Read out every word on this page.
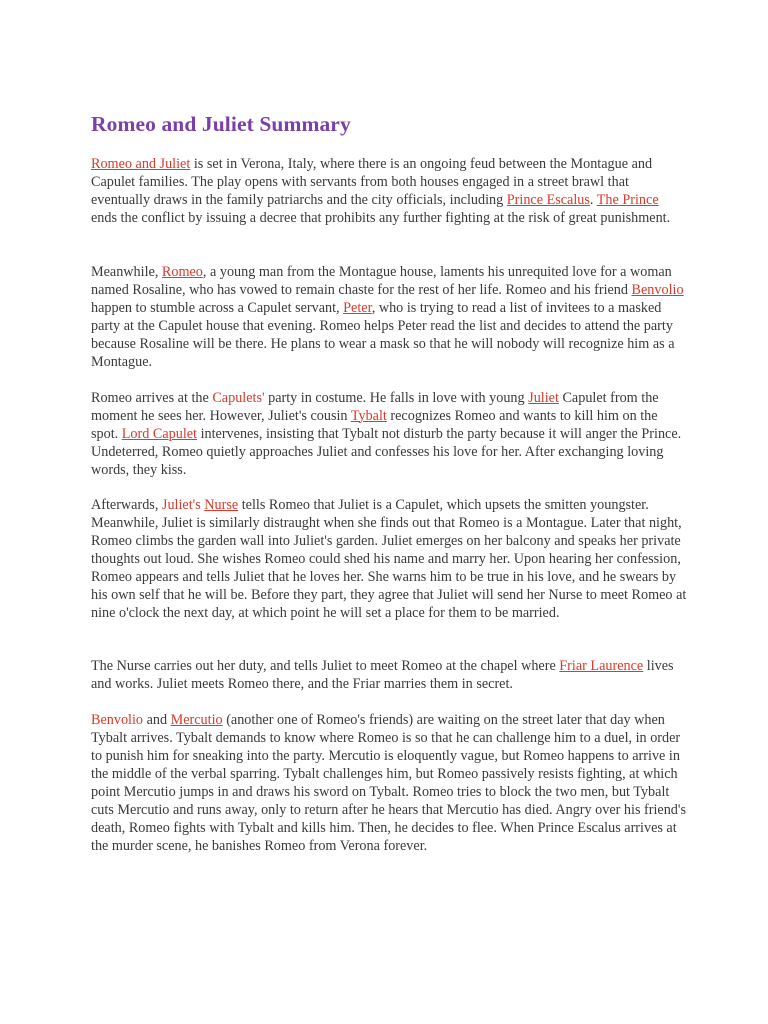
Romeo and Juliet Summary

Romeo and Juliet is set in Verona, Italy, where there is an ongoing feud between the Montague and Capulet families. The play opens with servants from both houses engaged in a street brawl that eventually draws in the family patriarchs and the city officials, including Prince Escalus. The Prince ends the conflict by issuing a decree that prohibits any further fighting at the risk of great punishment.

Meanwhile, Romeo, a young man from the Montague house, laments his unrequited love for a woman named Rosaline, who has vowed to remain chaste for the rest of her life. Romeo and his friend Benvolio happen to stumble across a Capulet servant, Peter, who is trying to read a list of invitees to a masked party at the Capulet house that evening. Romeo helps Peter read the list and decides to attend the party because Rosaline will be there. He plans to wear a mask so that he will nobody will recognize him as a Montague.

Romeo arrives at the Capulets' party in costume. He falls in love with young Juliet Capulet from the moment he sees her. However, Juliet's cousin Tybalt recognizes Romeo and wants to kill him on the spot. Lord Capulet intervenes, insisting that Tybalt not disturb the party because it will anger the Prince. Undeterred, Romeo quietly approaches Juliet and confesses his love for her. After exchanging loving words, they kiss.

Afterwards, Juliet's Nurse tells Romeo that Juliet is a Capulet, which upsets the smitten youngster. Meanwhile, Juliet is similarly distraught when she finds out that Romeo is a Montague. Later that night, Romeo climbs the garden wall into Juliet's garden. Juliet emerges on her balcony and speaks her private thoughts out loud. She wishes Romeo could shed his name and marry her. Upon hearing her confession, Romeo appears and tells Juliet that he loves her. She warns him to be true in his love, and he swears by his own self that he will be. Before they part, they agree that Juliet will send her Nurse to meet Romeo at nine o'clock the next day, at which point he will set a place for them to be married.

The Nurse carries out her duty, and tells Juliet to meet Romeo at the chapel where Friar Laurence lives and works. Juliet meets Romeo there, and the Friar marries them in secret.

Benvolio and Mercutio (another one of Romeo's friends) are waiting on the street later that day when Tybalt arrives. Tybalt demands to know where Romeo is so that he can challenge him to a duel, in order to punish him for sneaking into the party. Mercutio is eloquently vague, but Romeo happens to arrive in the middle of the verbal sparring. Tybalt challenges him, but Romeo passively resists fighting, at which point Mercutio jumps in and draws his sword on Tybalt. Romeo tries to block the two men, but Tybalt cuts Mercutio and runs away, only to return after he hears that Mercutio has died. Angry over his friend's death, Romeo fights with Tybalt and kills him. Then, he decides to flee. When Prince Escalus arrives at the murder scene, he banishes Romeo from Verona forever.
